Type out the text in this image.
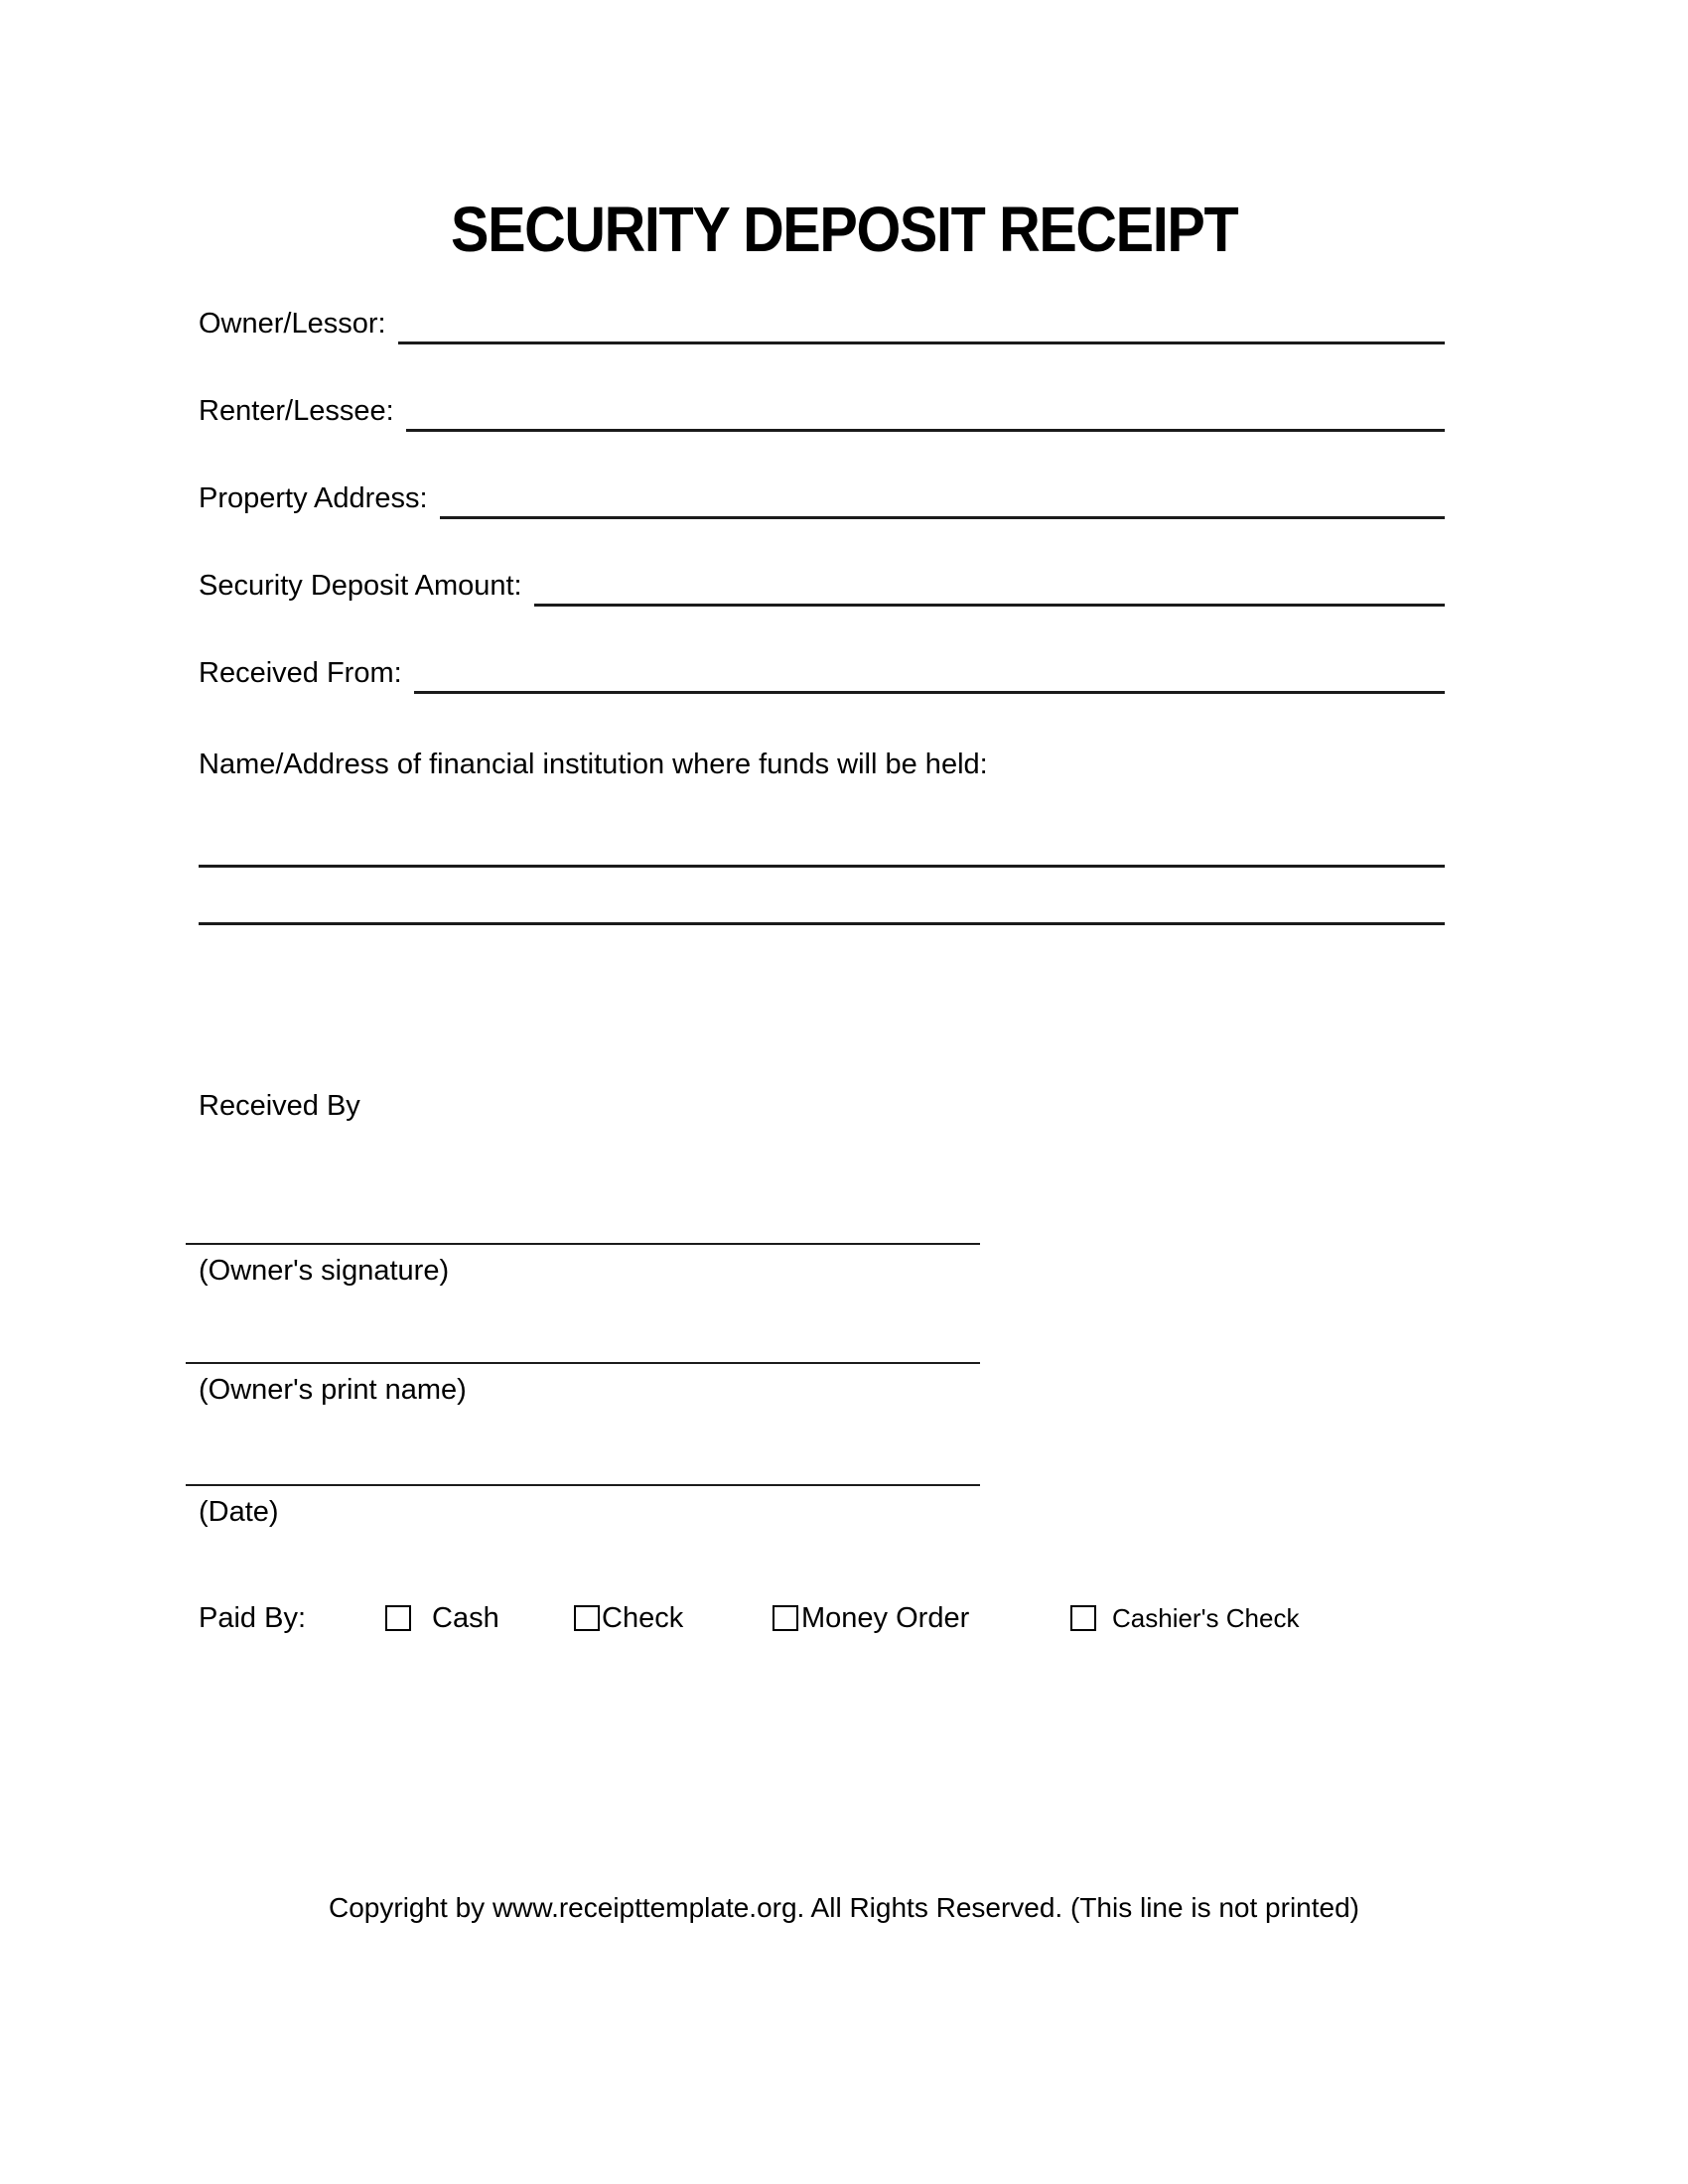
SECURITY DEPOSIT RECEIPT
Owner/Lessor:
Renter/Lessee:
Property Address:
Security Deposit Amount:
Received From:
Name/Address of financial institution where funds will be held:
Received By
(Owner's signature)
(Owner's print name)
(Date)
Paid By:	Cash	Check	Money Order	Cashier's Check
Copyright by www.receipttemplate.org. All Rights Reserved. (This line is not printed)
